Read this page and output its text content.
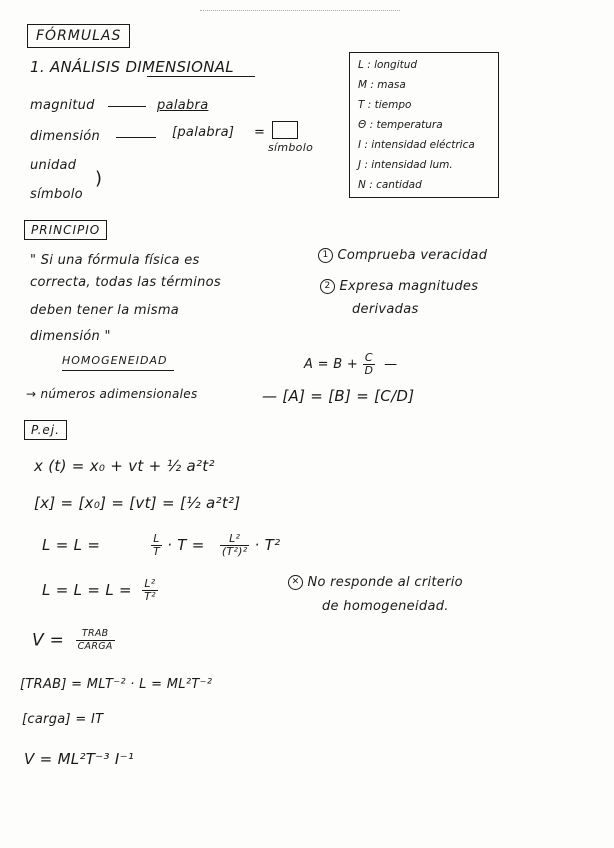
FÓRMULAS
1. ANÁLISIS DIMENSIONAL
magnitud	palabra
dimensión	[palabra] =
símbolo
unidad
símbolo
)
L : longitud
M : masa
T : tiempo
Θ : temperatura
I : intensidad eléctrica
J : intensidad lum.
N : cantidad
PRINCIPIO
" Si una fórmula física es
correcta, todas las términos
deben tener la misma
dimensión "
1 Comprueba veracidad
2 Expresa magnitudes
derivadas
HOMOGENEIDAD
→ números adimensionales
$A = B + \frac{C}{D}$ —
— [A] = [B] = [C/D]
P.ej.
x (t) = x₀ + vt + ½ a²t²
[x] = [x₀] = [vt] = [½ a²t²]
L = L =	$\frac{L}{T} \cdot T = \frac{\text{L²}}{\text{(T²)²}} \cdot T^2$
$L = L = L = \frac{\text{L²}}{\text{T²}}$	✕ No responde al criterio
de homogeneidad.
$V = \frac{\text{TRAB}}{\text{CARGA}}$
[TRAB] = MLT⁻² · L = ML²T⁻²
[carga] = IT
V = ML²T⁻³ I⁻¹
